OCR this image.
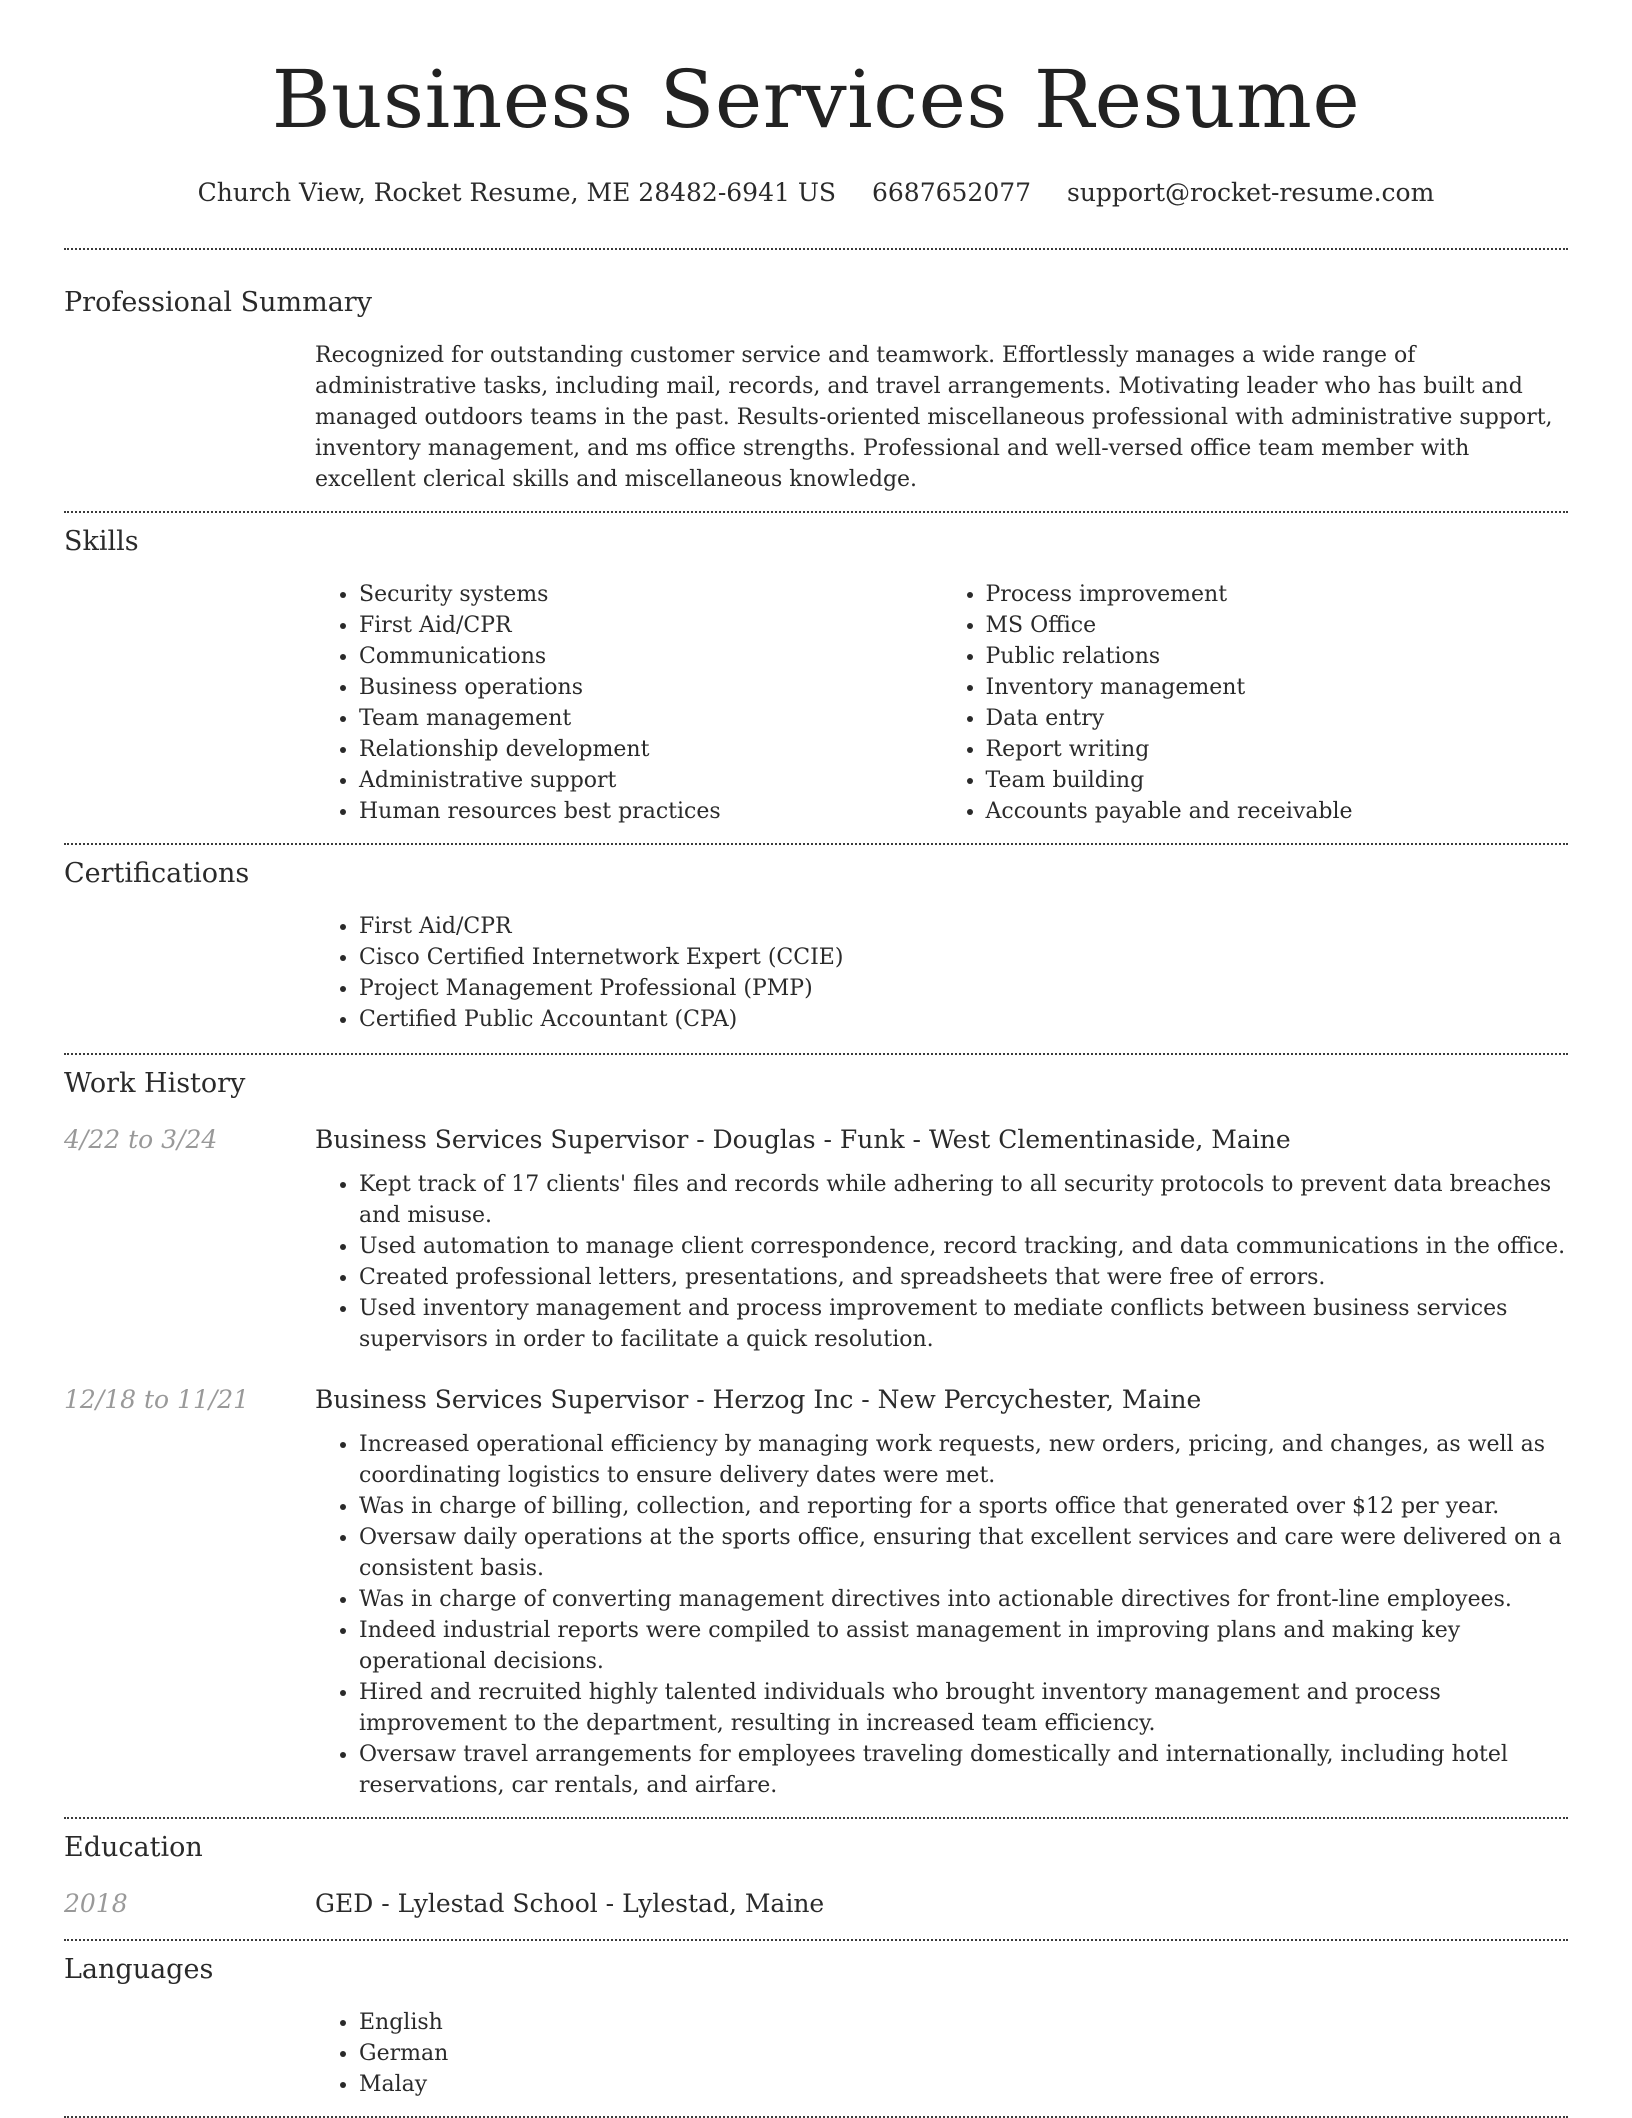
Business Services Resume
Church View, Rocket Resume, ME 28482-6941 US 6687652077 support@rocket-resume.com
Professional Summary
Recognized for outstanding customer service and teamwork. Effortlessly manages a wide range of administrative tasks, including mail, records, and travel arrangements. Motivating leader who has built and managed outdoors teams in the past. Results-oriented miscellaneous professional with administrative support, inventory management, and ms office strengths. Professional and well-versed office team member with excellent clerical skills and miscellaneous knowledge.
Skills
• Security systems
• First Aid/CPR
• Communications
• Business operations
• Team management
• Relationship development
• Administrative support
• Human resources best practices
• Process improvement
• MS Office
• Public relations
• Inventory management
• Data entry
• Report writing
• Team building
• Accounts payable and receivable
Certifications
• First Aid/CPR
• Cisco Certified Internetwork Expert (CCIE)
• Project Management Professional (PMP)
• Certified Public Accountant (CPA)
Work History
4/22 to 3/24	Business Services Supervisor - Douglas - Funk - West Clementinaside, Maine
• Kept track of 17 clients' files and records while adhering to all security protocols to prevent data breaches and misuse.
• Used automation to manage client correspondence, record tracking, and data communications in the office.
• Created professional letters, presentations, and spreadsheets that were free of errors.
• Used inventory management and process improvement to mediate conflicts between business services supervisors in order to facilitate a quick resolution.
12/18 to 11/21	Business Services Supervisor - Herzog Inc - New Percychester, Maine
• Increased operational efficiency by managing work requests, new orders, pricing, and changes, as well as coordinating logistics to ensure delivery dates were met.
• Was in charge of billing, collection, and reporting for a sports office that generated over $12 per year.
• Oversaw daily operations at the sports office, ensuring that excellent services and care were delivered on a consistent basis.
• Was in charge of converting management directives into actionable directives for front-line employees.
• Indeed industrial reports were compiled to assist management in improving plans and making key operational decisions.
• Hired and recruited highly talented individuals who brought inventory management and process improvement to the department, resulting in increased team efficiency.
• Oversaw travel arrangements for employees traveling domestically and internationally, including hotel reservations, car rentals, and airfare.
Education
2018	GED - Lylestad School - Lylestad, Maine
Languages
• English
• German
• Malay
